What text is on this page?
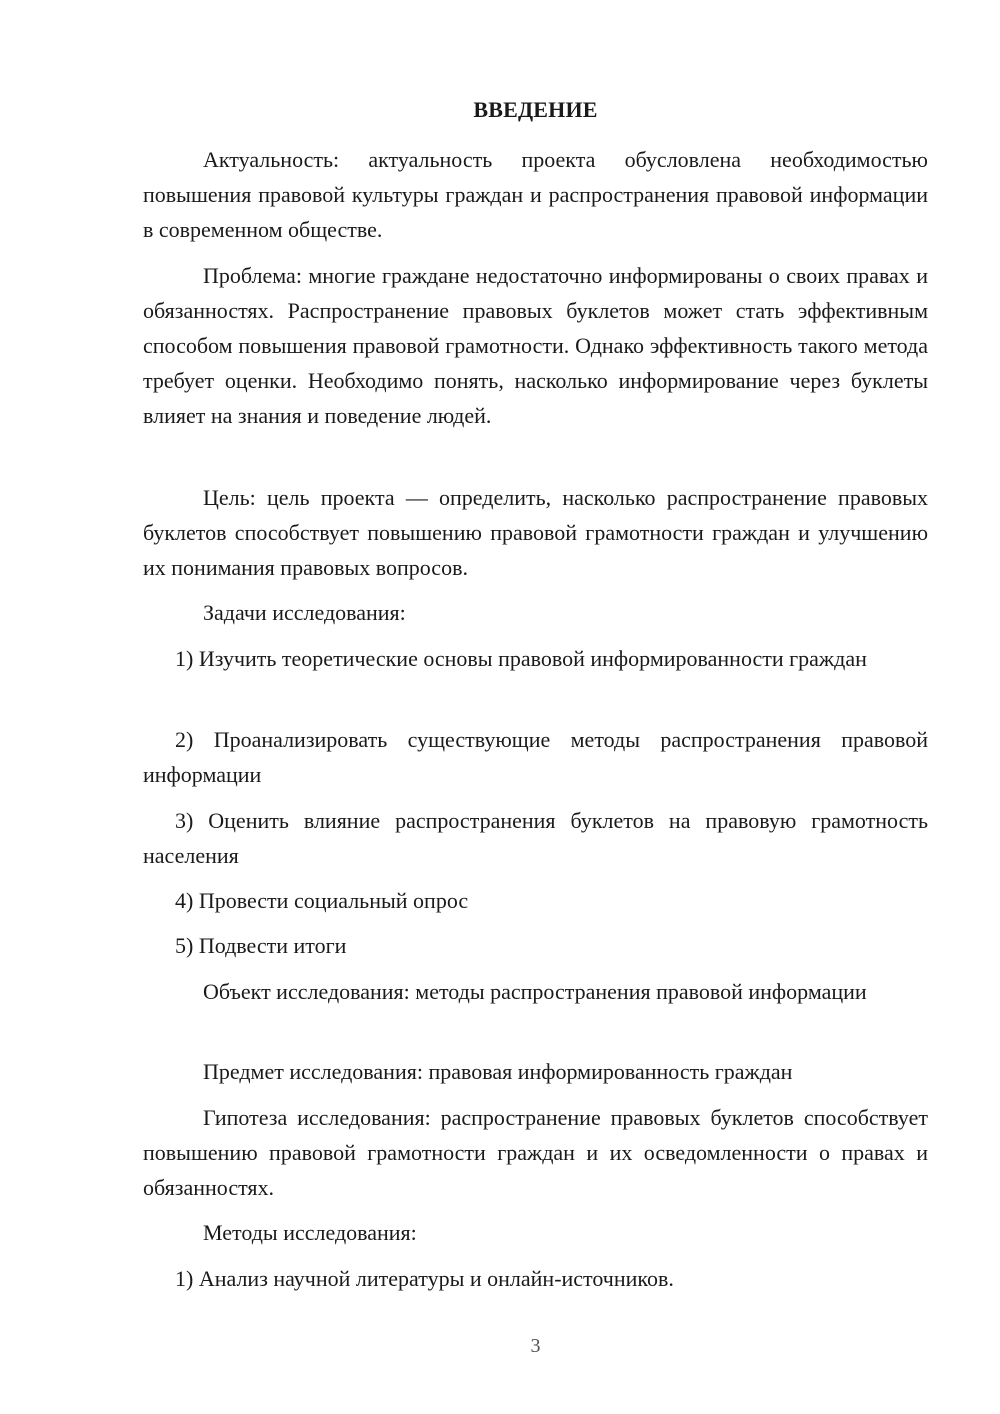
ВВЕДЕНИЕ

Актуальность: актуальность проекта обусловлена необходимостью повышения правовой культуры граждан и распространения правовой информации в современном обществе.

Проблема: многие граждане недостаточно информированы о своих правах и обязанностях. Распространение правовых буклетов может стать эффективным способом повышения правовой грамотности. Однако эффективность такого метода требует оценки. Необходимо понять, насколько информирование через буклеты влияет на знания и поведение людей.

Цель: цель проекта — определить, насколько распространение правовых буклетов способствует повышению правовой грамотности граждан и улучшению их понимания правовых вопросов.

Задачи исследования:

1) Изучить теоретические основы правовой информированности граждан

2) Проанализировать существующие методы распространения правовой информации

3) Оценить влияние распространения буклетов на правовую грамотность населения

4) Провести социальный опрос

5) Подвести итоги

Объект исследования: методы распространения правовой информации

Предмет исследования: правовая информированность граждан

Гипотеза исследования: распространение правовых буклетов способствует повышению правовой грамотности граждан и их осведомленности о правах и обязанностях.

Методы исследования:

1) Анализ научной литературы и онлайн-источников.

3
